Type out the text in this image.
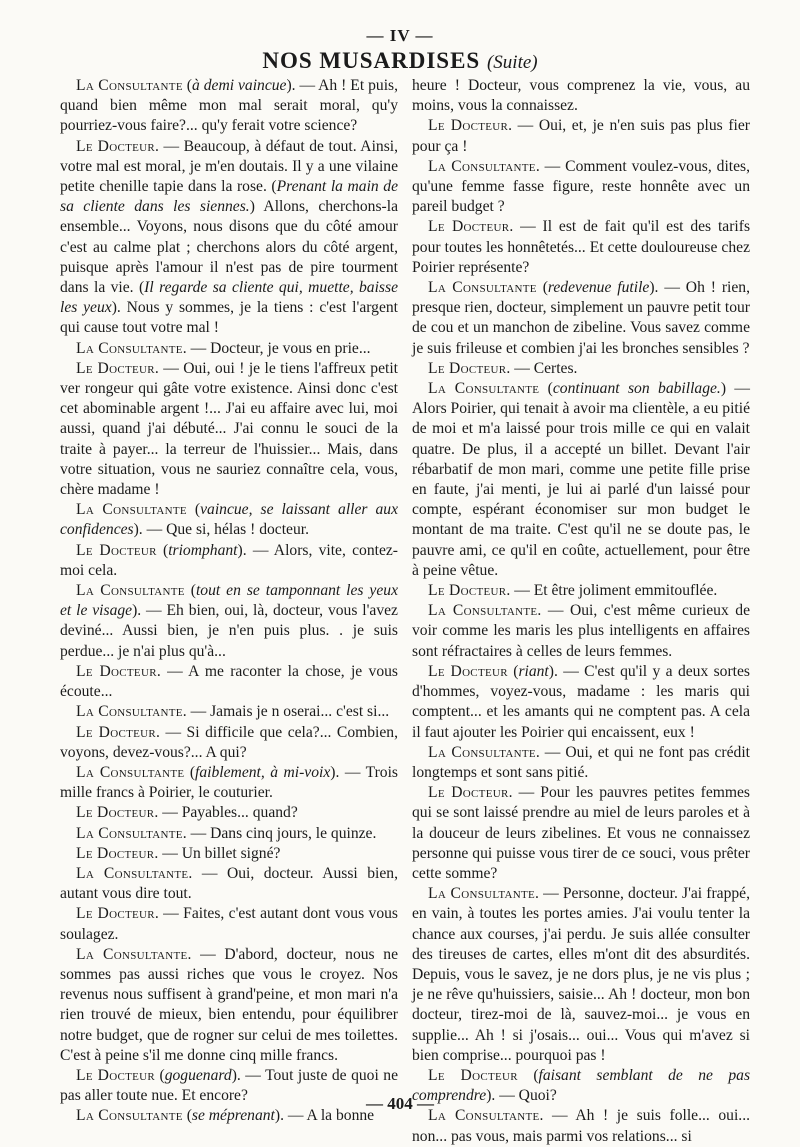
— IV —
NOS MUSARDISES (Suite)

La Consultante (à demi vaincue). — Ah ! Et puis, quand bien même mon mal serait moral, qu'y pourriez-vous faire?... qu'y ferait votre science?

Le Docteur. — Beaucoup, à défaut de tout. Ainsi, votre mal est moral, je m'en doutais. Il y a une vilaine petite chenille tapie dans la rose. (Prenant la main de sa cliente dans les siennes.) Allons, cherchons-la ensemble... Voyons, nous disons que du côté amour c'est au calme plat ; cherchons alors du côté argent, puisque après l'amour il n'est pas de pire tourment dans la vie. (Il regarde sa cliente qui, muette, baisse les yeux). Nous y sommes, je la tiens : c'est l'argent qui cause tout votre mal !

La Consultante. — Docteur, je vous en prie...

Le Docteur. — Oui, oui ! je le tiens l'affreux petit ver rongeur qui gâte votre existence. Ainsi donc c'est cet abominable argent !... J'ai eu affaire avec lui, moi aussi, quand j'ai débuté... J'ai connu le souci de la traite à payer... la terreur de l'huissier... Mais, dans votre situation, vous ne sauriez connaître cela, vous, chère madame !

La Consultante (vaincue, se laissant aller aux confidences). — Que si, hélas ! docteur.

Le Docteur (triomphant). — Alors, vite, contez-moi cela.

La Consultante (tout en se tamponnant les yeux et le visage). — Eh bien, oui, là, docteur, vous l'avez deviné... Aussi bien, je n'en puis plus. . je suis perdue... je n'ai plus qu'à...

Le Docteur. — A me raconter la chose, je vous écoute...

La Consultante. — Jamais je n oserai... c'est si...

Le Docteur. — Si difficile que cela?... Combien, voyons, devez-vous?... A qui?

La Consultante (faiblement, à mi-voix). — Trois mille francs à Poirier, le couturier.

Le Docteur. — Payables... quand?

La Consultante. — Dans cinq jours, le quinze.

Le Docteur. — Un billet signé?

La Consultante. — Oui, docteur. Aussi bien, autant vous dire tout.

Le Docteur. — Faites, c'est autant dont vous vous soulagez.

La Consultante. — D'abord, docteur, nous ne sommes pas aussi riches que vous le croyez. Nos revenus nous suffisent à grand'peine, et mon mari n'a rien trouvé de mieux, bien entendu, pour équilibrer notre budget, que de rogner sur celui de mes toilettes. C'est à peine s'il me donne cinq mille francs.

Le Docteur (goguenard). — Tout juste de quoi ne pas aller toute nue. Et encore?

La Consultante (se méprenant). — A la bonne

heure ! Docteur, vous comprenez la vie, vous, au moins, vous la connaissez.

Le Docteur. — Oui, et, je n'en suis pas plus fier pour ça !

La Consultante. — Comment voulez-vous, dites, qu'une femme fasse figure, reste honnête avec un pareil budget ?

Le Docteur. — Il est de fait qu'il est des tarifs pour toutes les honnêtetés... Et cette douloureuse chez Poirier représente?

La Consultante (redevenue futile). — Oh ! rien, presque rien, docteur, simplement un pauvre petit tour de cou et un manchon de zibeline. Vous savez comme je suis frileuse et combien j'ai les bronches sensibles ?

Le Docteur. — Certes.

La Consultante (continuant son babillage.) — Alors Poirier, qui tenait à avoir ma clientèle, a eu pitié de moi et m'a laissé pour trois mille ce qui en valait quatre. De plus, il a accepté un billet. Devant l'air rébarbatif de mon mari, comme une petite fille prise en faute, j'ai menti, je lui ai parlé d'un laissé pour compte, espérant économiser sur mon budget le montant de ma traite. C'est qu'il ne se doute pas, le pauvre ami, ce qu'il en coûte, actuellement, pour être à peine vêtue.

Le Docteur. — Et être joliment emmitouflée.

La Consultante. — Oui, c'est même curieux de voir comme les maris les plus intelligents en affaires sont réfractaires à celles de leurs femmes.

Le Docteur (riant). — C'est qu'il y a deux sortes d'hommes, voyez-vous, madame : les maris qui comptent... et les amants qui ne comptent pas. A cela il faut ajouter les Poirier qui encaissent, eux !

La Consultante. — Oui, et qui ne font pas crédit longtemps et sont sans pitié.

Le Docteur. — Pour les pauvres petites femmes qui se sont laissé prendre au miel de leurs paroles et à la douceur de leurs zibelines. Et vous ne connaissez personne qui puisse vous tirer de ce souci, vous prêter cette somme?

La Consultante. — Personne, docteur. J'ai frappé, en vain, à toutes les portes amies. J'ai voulu tenter la chance aux courses, j'ai perdu. Je suis allée consulter des tireuses de cartes, elles m'ont dit des absurdités. Depuis, vous le savez, je ne dors plus, je ne vis plus ; je ne rêve qu'huissiers, saisie... Ah ! docteur, mon bon docteur, tirez-moi de là, sauvez-moi... je vous en supplie... Ah ! si j'osais... oui... Vous qui m'avez si bien comprise... pourquoi pas !

Le Docteur (faisant semblant de ne pas comprendre). — Quoi?

La Consultante. — Ah ! je suis folle... oui... non... pas vous, mais parmi vos relations... si

— 404 —
